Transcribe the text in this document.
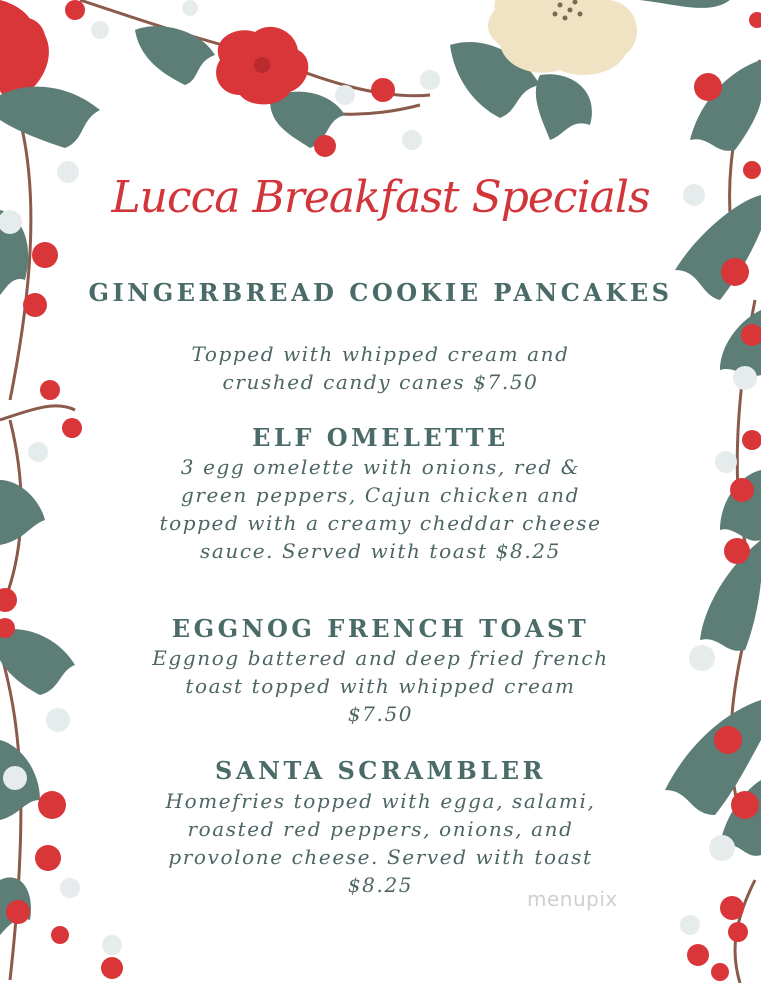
Lucca Breakfast Specials
GINGERBREAD COOKIE PANCAKES
Topped with whipped cream and
crushed candy canes $7.50
ELF OMELETTE
3 egg omelette with onions, red &
green peppers, Cajun chicken and
topped with a creamy cheddar cheese
sauce. Served with toast $8.25
EGGNOG FRENCH TOAST
Eggnog battered and deep fried french
toast topped with whipped cream
$7.50
SANTA SCRAMBLER
Homefries topped with egga, salami,
roasted red peppers, onions, and
provolone cheese. Served with toast
$8.25
menupix
